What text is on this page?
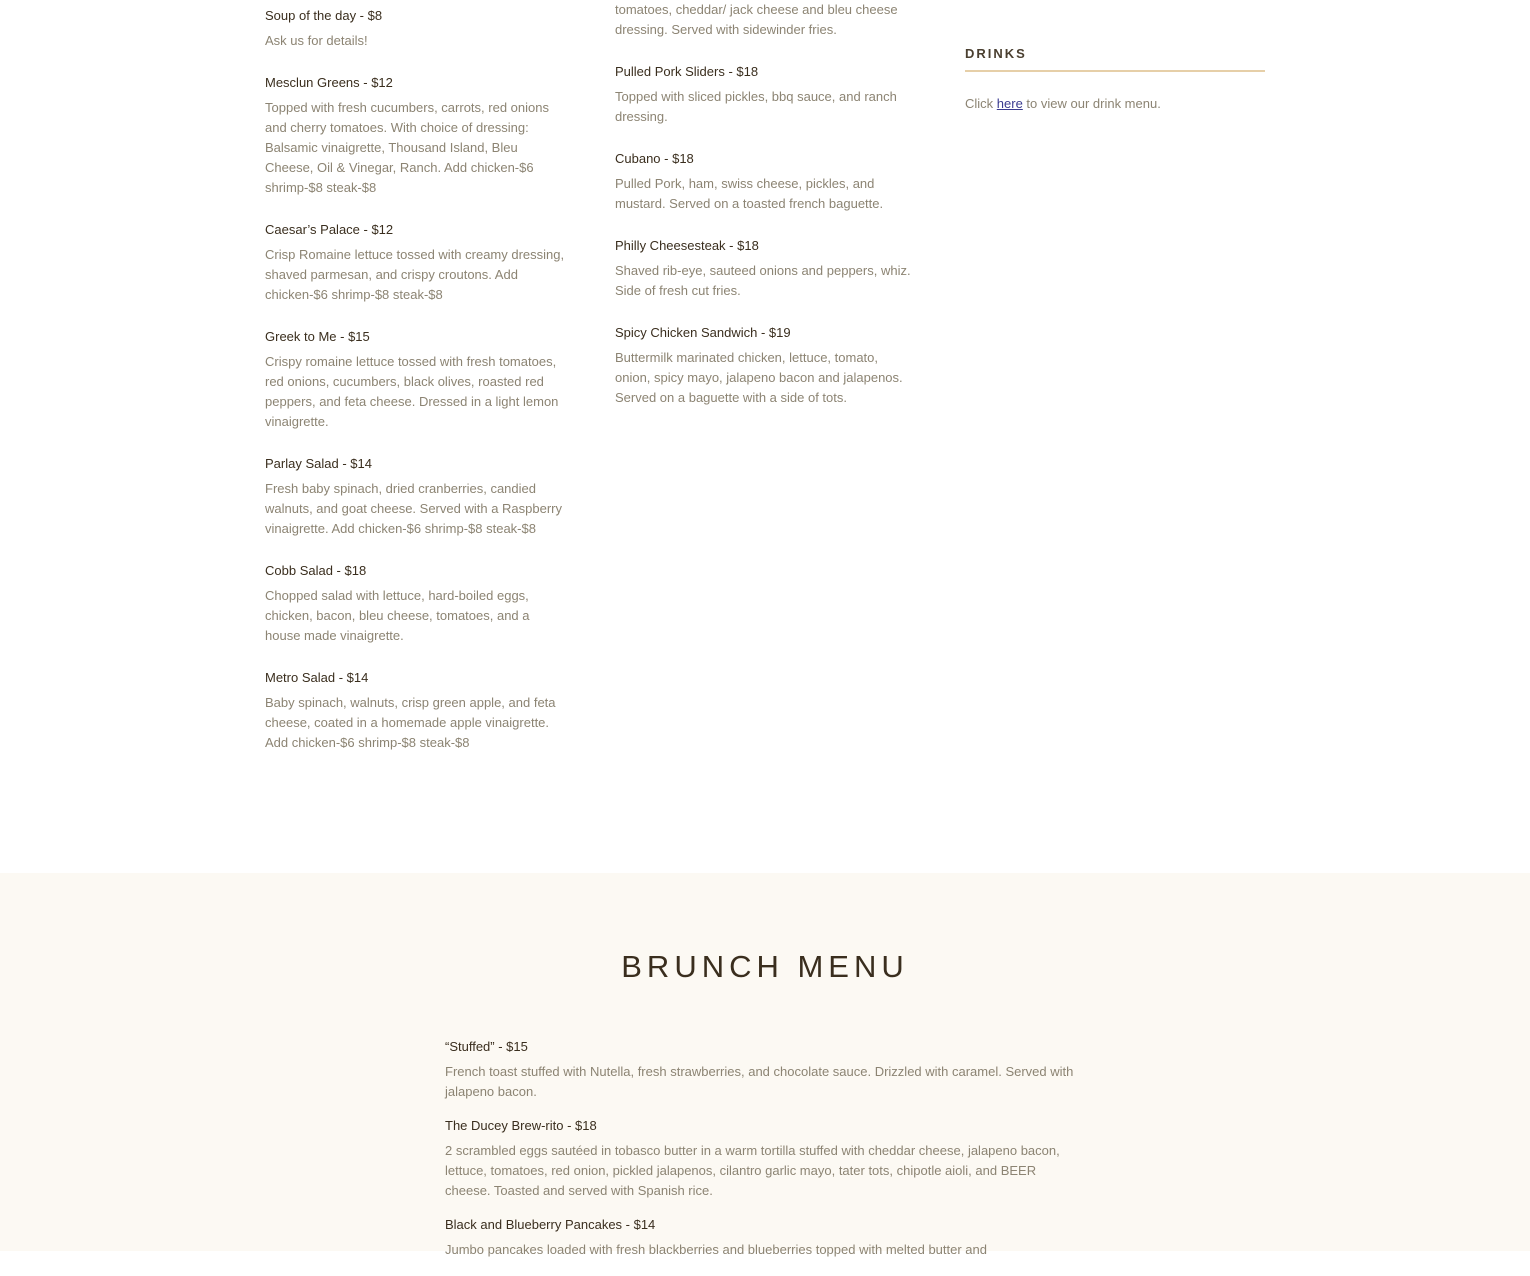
Soup of the day - $8
Ask us for details!
Mesclun Greens - $12
Topped with fresh cucumbers, carrots, red onions and cherry tomatoes. With choice of dressing: Balsamic vinaigrette, Thousand Island, Bleu Cheese, Oil & Vinegar, Ranch. Add chicken-$6 shrimp-$8 steak-$8
Caesar’s Palace - $12
Crisp Romaine lettuce tossed with creamy dressing, shaved parmesan, and crispy croutons. Add chicken-$6 shrimp-$8 steak-$8
Greek to Me - $15
Crispy romaine lettuce tossed with fresh tomatoes, red onions, cucumbers, black olives, roasted red peppers, and feta cheese. Dressed in a light lemon vinaigrette.
Parlay Salad - $14
Fresh baby spinach, dried cranberries, candied walnuts, and goat cheese. Served with a Raspberry vinaigrette. Add chicken-$6 shrimp-$8 steak-$8
Cobb Salad - $18
Chopped salad with lettuce, hard-boiled eggs, chicken, bacon, bleu cheese, tomatoes, and a house made vinaigrette.
Metro Salad - $14
Baby spinach, walnuts, crisp green apple, and feta cheese, coated in a homemade apple vinaigrette. Add chicken-$6 shrimp-$8 steak-$8
tomatoes, cheddar/ jack cheese and bleu cheese dressing. Served with sidewinder fries.
Pulled Pork Sliders - $18
Topped with sliced pickles, bbq sauce, and ranch dressing.
Cubano - $18
Pulled Pork, ham, swiss cheese, pickles, and mustard. Served on a toasted french baguette.
Philly Cheesesteak - $18
Shaved rib-eye, sauteed onions and peppers, whiz. Side of fresh cut fries.
Spicy Chicken Sandwich - $19
Buttermilk marinated chicken, lettuce, tomato, onion, spicy mayo, jalapeno bacon and jalapenos. Served on a baguette with a side of tots.
DRINKS
Click here to view our drink menu.
BRUNCH MENU
“Stuffed” - $15
French toast stuffed with Nutella, fresh strawberries, and chocolate sauce. Drizzled with caramel. Served with jalapeno bacon.
The Ducey Brew-rito - $18
2 scrambled eggs sautéed in tobasco butter in a warm tortilla stuffed with cheddar cheese, jalapeno bacon, lettuce, tomatoes, red onion, pickled jalapenos, cilantro garlic mayo, tater tots, chipotle aioli, and BEER cheese. Toasted and served with Spanish rice.
Black and Blueberry Pancakes - $14
Jumbo pancakes loaded with fresh blackberries and blueberries topped with melted butter and
